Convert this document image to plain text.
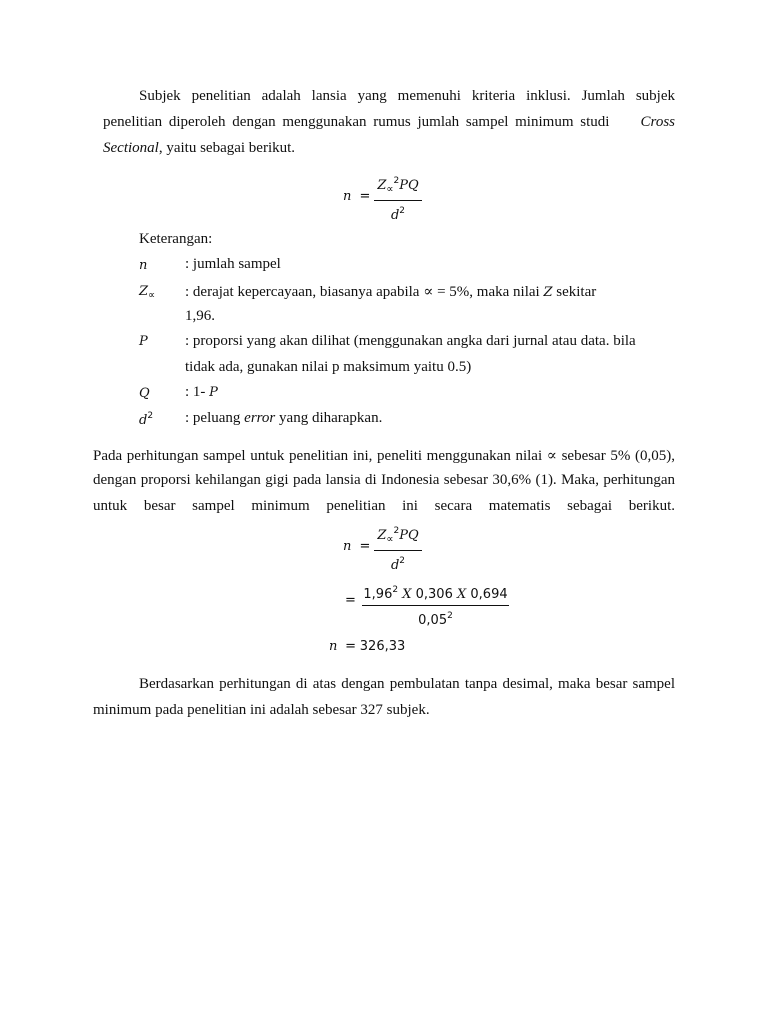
Subjek penelitian adalah lansia yang memenuhi kriteria inklusi. Jumlah subjek
penelitian diperoleh dengan menggunakan rumus jumlah sampel minimum studi Cross
Sectional, yaitu sebagai berikut.
n =
$Z_\propto^2PQ$
$d^2$
Keterangan:
n	: jumlah sampel
$Z_\propto$ : derajat kepercayaan, biasanya apabila ∝ = 5%, maka nilai Z sekitar
1,96.
P : proporsi yang akan dilihat (menggunakan angka dari jurnal atau data. bila
tidak ada, gunakan nilai p maksimum yaitu 0.5)
Q : 1- P
$d^2$ : peluang error yang diharapkan.
Pada perhitungan sampel untuk penelitian ini, peneliti menggunakan nilai ∝ sebesar 5% (0,05),
dengan proporsi kehilangan gigi pada lansia di Indonesia sebesar 30,6% (1). Maka, perhitungan
untuk besar sampel minimum penelitian ini secara matematis sebagai berikut.
n =
$Z_\propto^2PQ$
$d^2$
= $1,96^2$ X 0,306 X 0,694
0,05$^2$
n = 326,33
Berdasarkan perhitungan di atas dengan pembulatan tanpa desimal, maka besar sampel
minimum pada penelitian ini adalah sebesar 327 subjek.
